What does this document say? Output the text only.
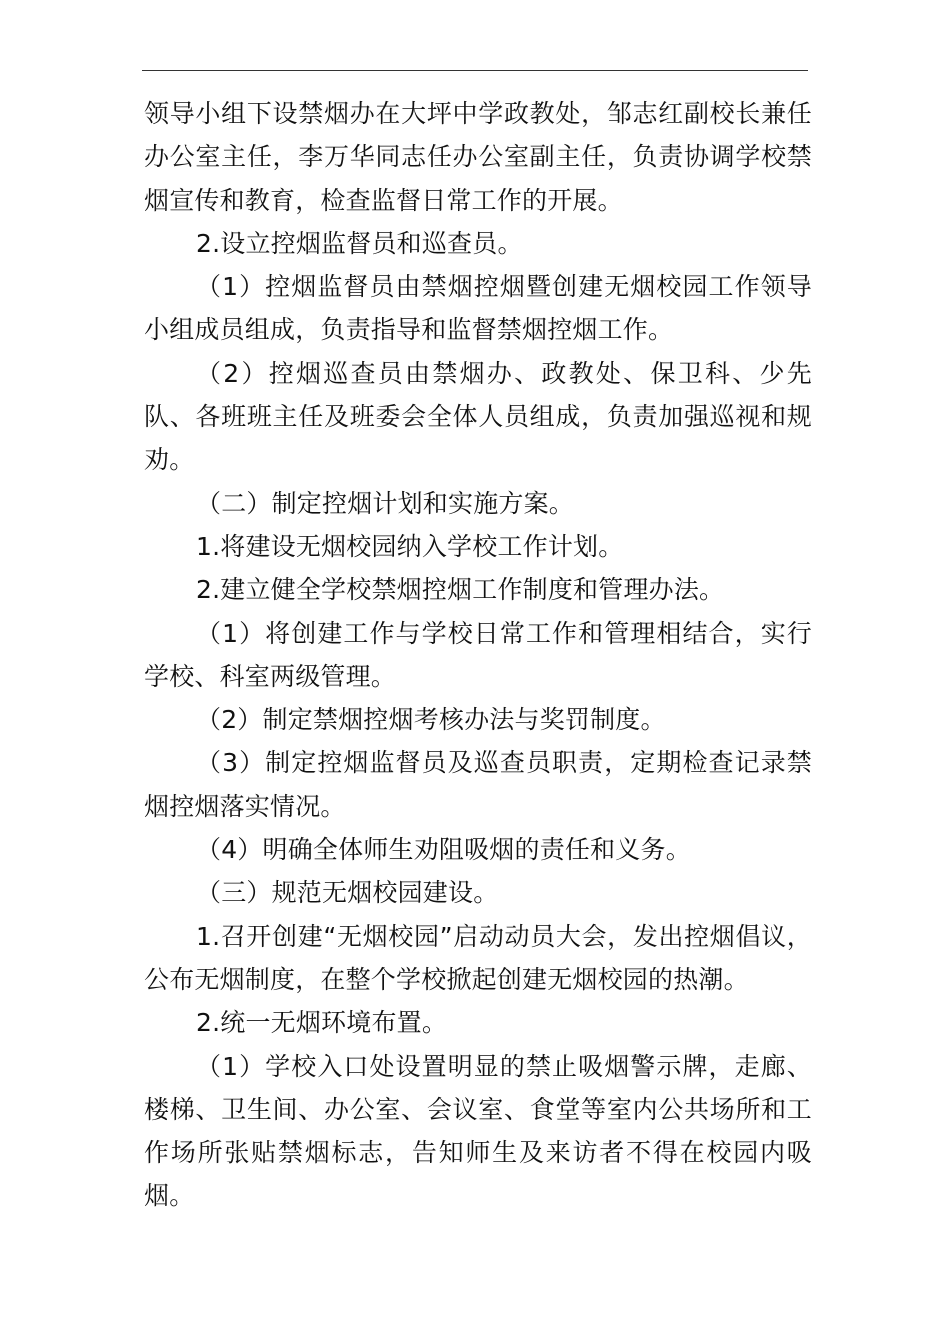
领导小组下设禁烟办在大坪中学政教处，邹志红副校长兼任办公室主任，李万华同志任办公室副主任，负责协调学校禁烟宣传和教育，检查监督日常工作的开展。

2.设立控烟监督员和巡查员。

（1）控烟监督员由禁烟控烟暨创建无烟校园工作领导小组成员组成，负责指导和监督禁烟控烟工作。

（2）控烟巡查员由禁烟办、政教处、保卫科、少先队、各班班主任及班委会全体人员组成，负责加强巡视和规劝。

（二）制定控烟计划和实施方案。

1.将建设无烟校园纳入学校工作计划。

2.建立健全学校禁烟控烟工作制度和管理办法。

（1）将创建工作与学校日常工作和管理相结合，实行学校、科室两级管理。

（2）制定禁烟控烟考核办法与奖罚制度。

（3）制定控烟监督员及巡查员职责，定期检查记录禁烟控烟落实情况。

（4）明确全体师生劝阻吸烟的责任和义务。

（三）规范无烟校园建设。

1.召开创建“无烟校园”启动动员大会，发出控烟倡议，公布无烟制度，在整个学校掀起创建无烟校园的热潮。

2.统一无烟环境布置。

（1）学校入口处设置明显的禁止吸烟警示牌，走廊、楼梯、卫生间、办公室、会议室、食堂等室内公共场所和工作场所张贴禁烟标志，告知师生及来访者不得在校园内吸烟。
